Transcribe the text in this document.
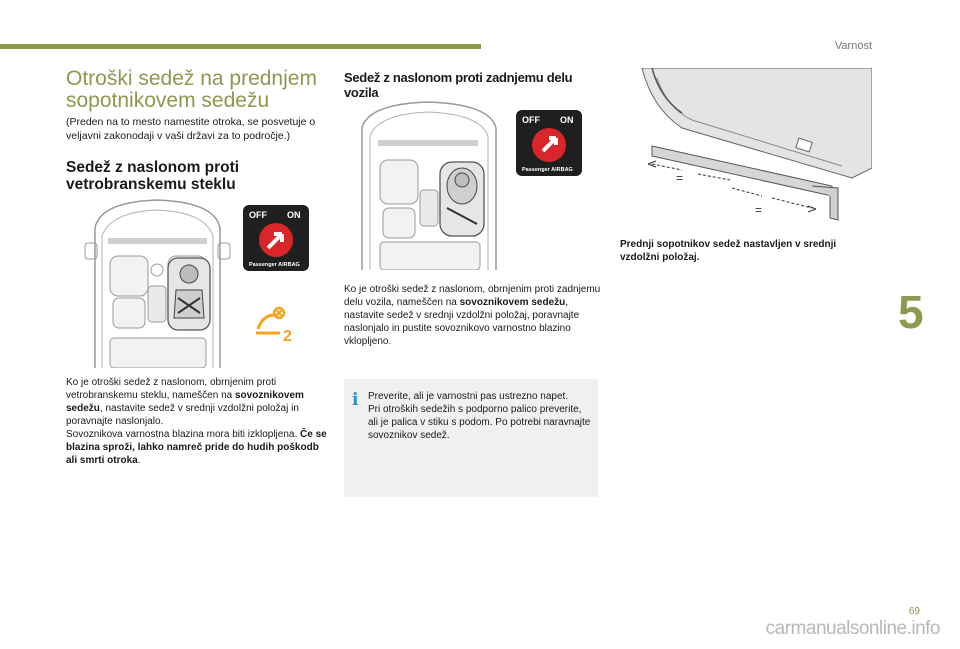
Varnost
Otroški sedež na prednjem sopotnikovem sedežu
(Preden na to mesto namestite otroka, se posvetuje o veljavni zakonodaji v vaši državi za to področje.)
Sedež z naslonom proti vetrobranskemu steklu
OFF ON
Passenger AIRBAG
2
Ko je otroški sedež z naslonom, obrnjenim proti vetrobranskemu steklu, nameščen na sovoznikovem sedežu, nastavite sedež v srednji vzdolžni položaj in poravnajte naslonjalo.
Sovoznikova varnostna blazina mora biti izklopljena. Če se blazina sproži, lahko namreč pride do hudih poškodb ali smrti otroka.
Sedež z naslonom proti zadnjemu delu vozila
OFF ON
Passenger AIRBAG
Ko je otroški sedež z naslonom, obrnjenim proti zadnjemu delu vozila, nameščen na sovoznikovem sedežu, nastavite sedež v srednji vzdolžni položaj, poravnajte naslonjalo in pustite sovoznikovo varnostno blazino vklopljeno.
i Preverite, ali je varnostni pas ustrezno napet.
Pri otroških sedežih s podporno palico preverite, ali je palica v stiku s podom. Po potrebi naravnajte sovoznikov sedež.
=
=
Prednji sopotnikov sedež nastavljen v srednji vzdolžni položaj.
5
69
carmanualsonline.info
